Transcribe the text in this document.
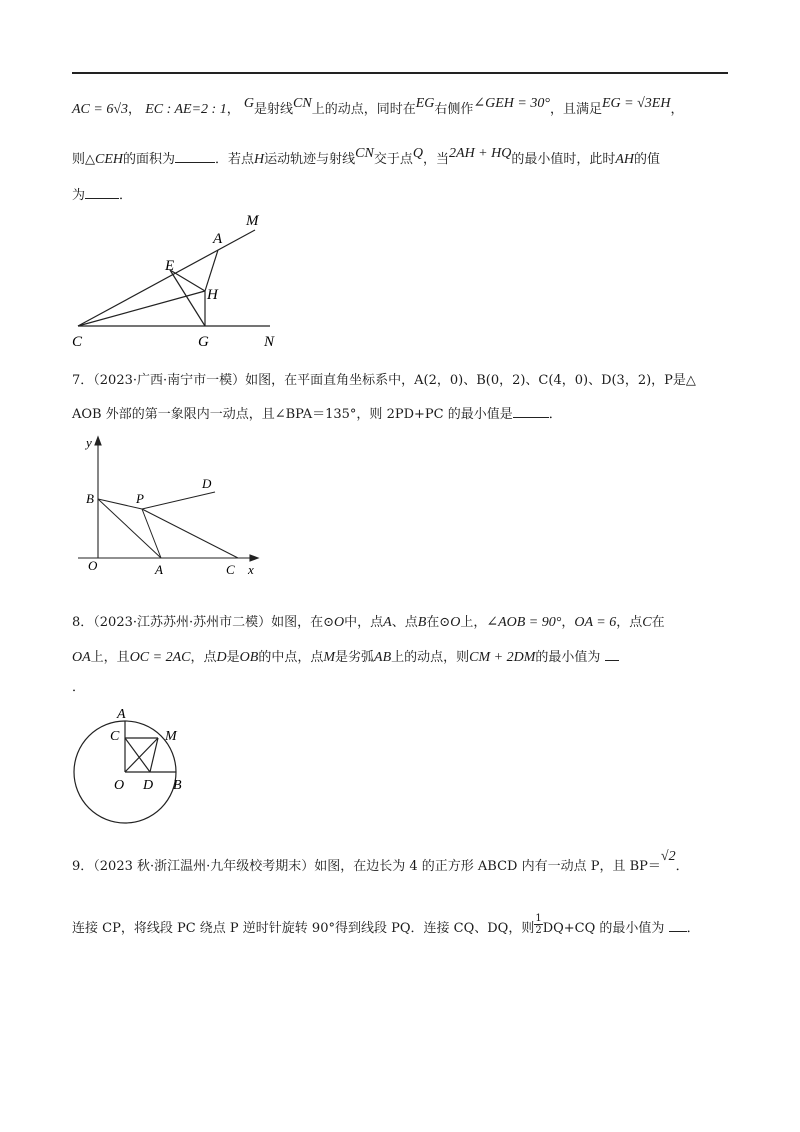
AC = 6√3， EC : AE=2 : 1， G是射线CN上的动点，同时在EG右侧作∠GEH = 30°，且满足EG = √3EH，
则△CEH的面积为	．若点H运动轨迹与射线CN交于点Q，当2AH + HQ的最小值时，此时AH的值
为	．
M
A
E
H
C	G	N
7．（2023·广西·南宁市一模）如图，在平面直角坐标系中，A(2，0)、B(0，2)、C(4，0)、D(3，2)，P是△
AOB 外部的第一象限内一动点，且∠BPA＝135°，则 2PD+PC 的最小值是	．
y
x
O	A
B
C
D
P
8．（2023·江苏苏州·苏州市二模）如图，在⊙O中，点A、点B在⊙O上，∠AOB = 90°，OA = 6，点C在
OA上，且OC = 2AC，点D是OB的中点，点M是劣弧AB上的动点，则CM + 2DM的最小值为
．
A
C	M
O D B
9．（2023 秋·浙江温州·九年级校考期末）如图，在边长为 4 的正方形 ABCD 内有一动点 P，且 BP＝√2．
连接 CP，将线段 PC 绕点 P 逆时针旋转 90°得到线段 PQ．连接 CQ、DQ，则 $\frac{1}{2} DQ+CQ$ 的最小值为 ．
